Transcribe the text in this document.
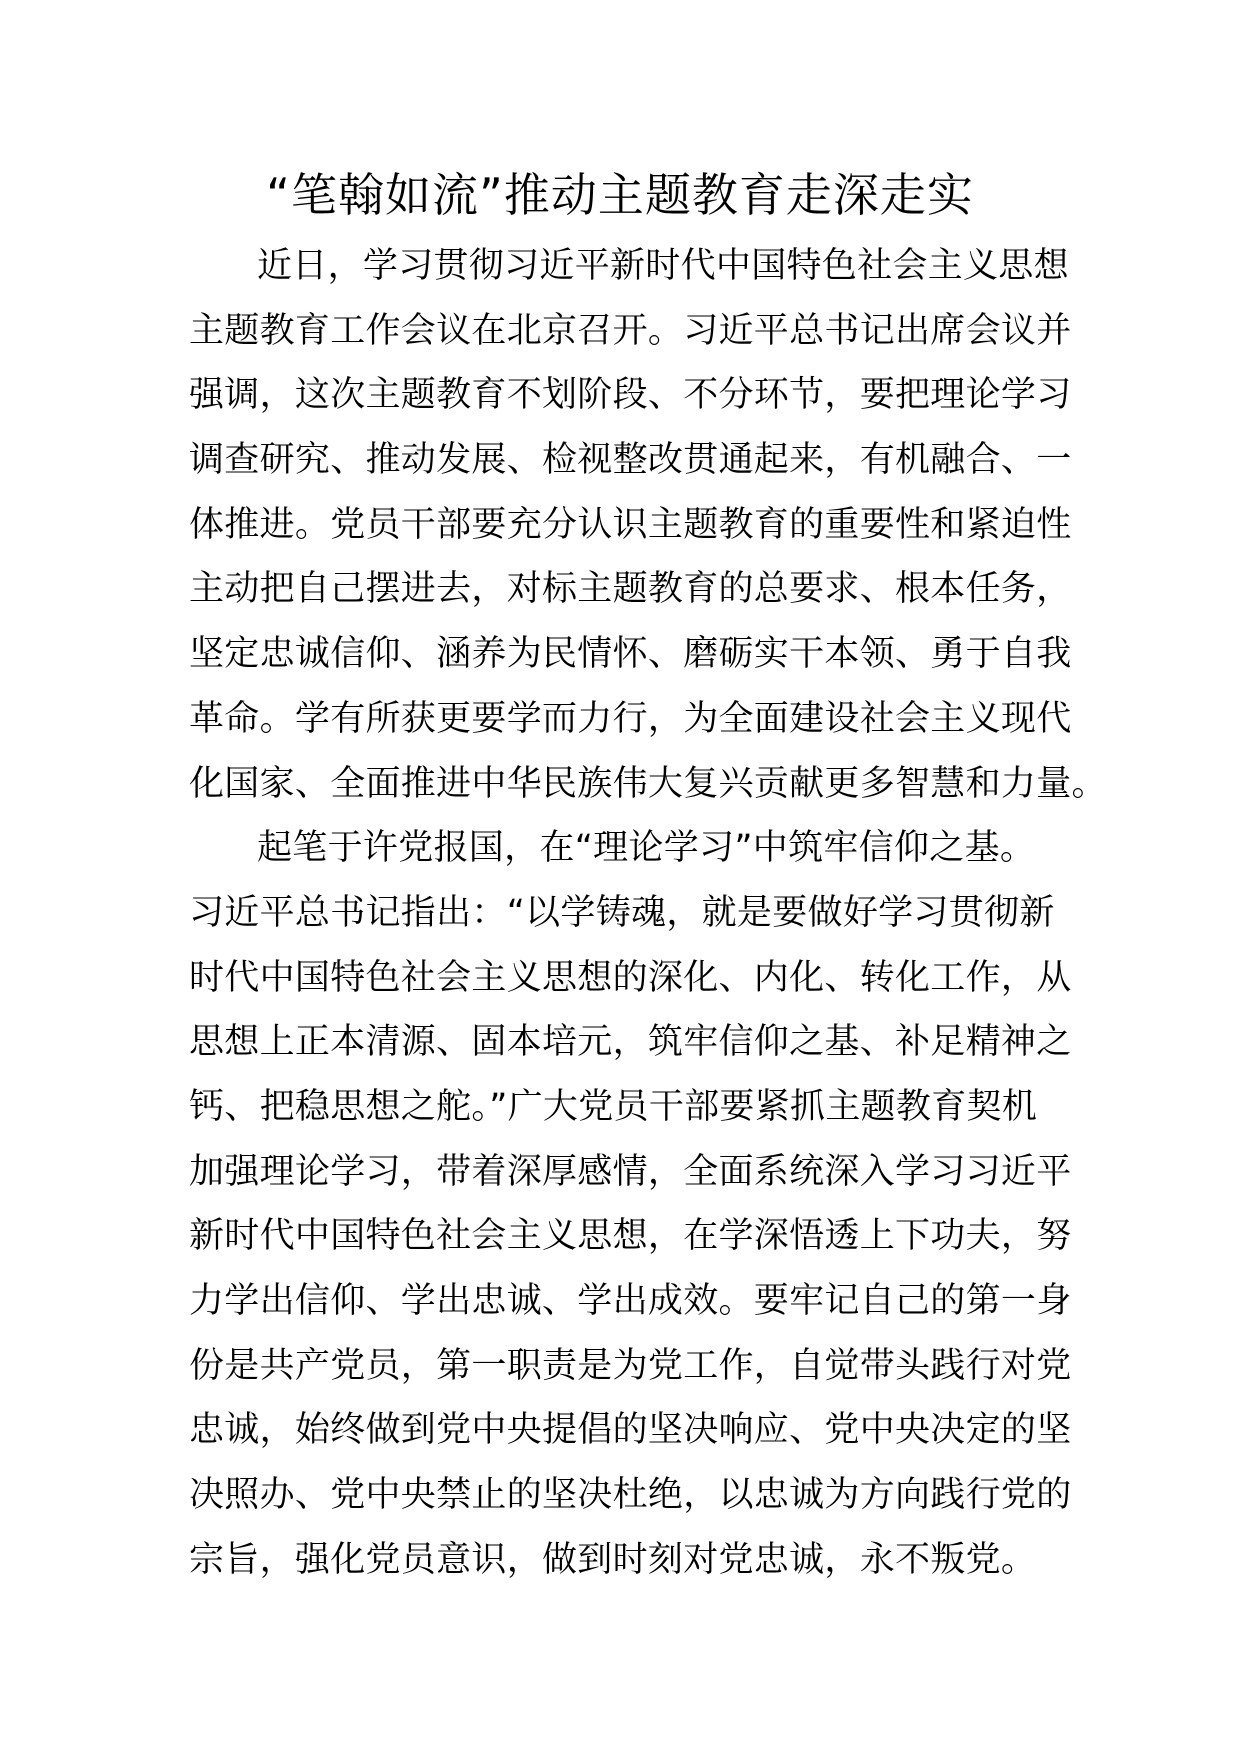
“笔翰如流”推动主题教育走深走实
近日，学习贯彻习近平新时代中国特色社会主义思想
主题教育工作会议在北京召开。习近平总书记出席会议并
强调，这次主题教育不划阶段、不分环节，要把理论学习
调查研究、推动发展、检视整改贯通起来，有机融合、一
体推进。党员干部要充分认识主题教育的重要性和紧迫性
主动把自己摆进去，对标主题教育的总要求、根本任务，
坚定忠诚信仰、涵养为民情怀、磨砺实干本领、勇于自我
革命。学有所获更要学而力行，为全面建设社会主义现代
化国家、全面推进中华民族伟大复兴贡献更多智慧和力量。
起笔于许党报国，在“理论学习”中筑牢信仰之基。
习近平总书记指出：“以学铸魂，就是要做好学习贯彻新
时代中国特色社会主义思想的深化、内化、转化工作，从
思想上正本清源、固本培元，筑牢信仰之基、补足精神之
钙、把稳思想之舵。”广大党员干部要紧抓主题教育契机
加强理论学习，带着深厚感情，全面系统深入学习习近平
新时代中国特色社会主义思想，在学深悟透上下功夫，努
力学出信仰、学出忠诚、学出成效。要牢记自己的第一身
份是共产党员，第一职责是为党工作，自觉带头践行对党
忠诚，始终做到党中央提倡的坚决响应、党中央决定的坚
决照办、党中央禁止的坚决杜绝，以忠诚为方向践行党的
宗旨，强化党员意识，做到时刻对党忠诚，永不叛党。
